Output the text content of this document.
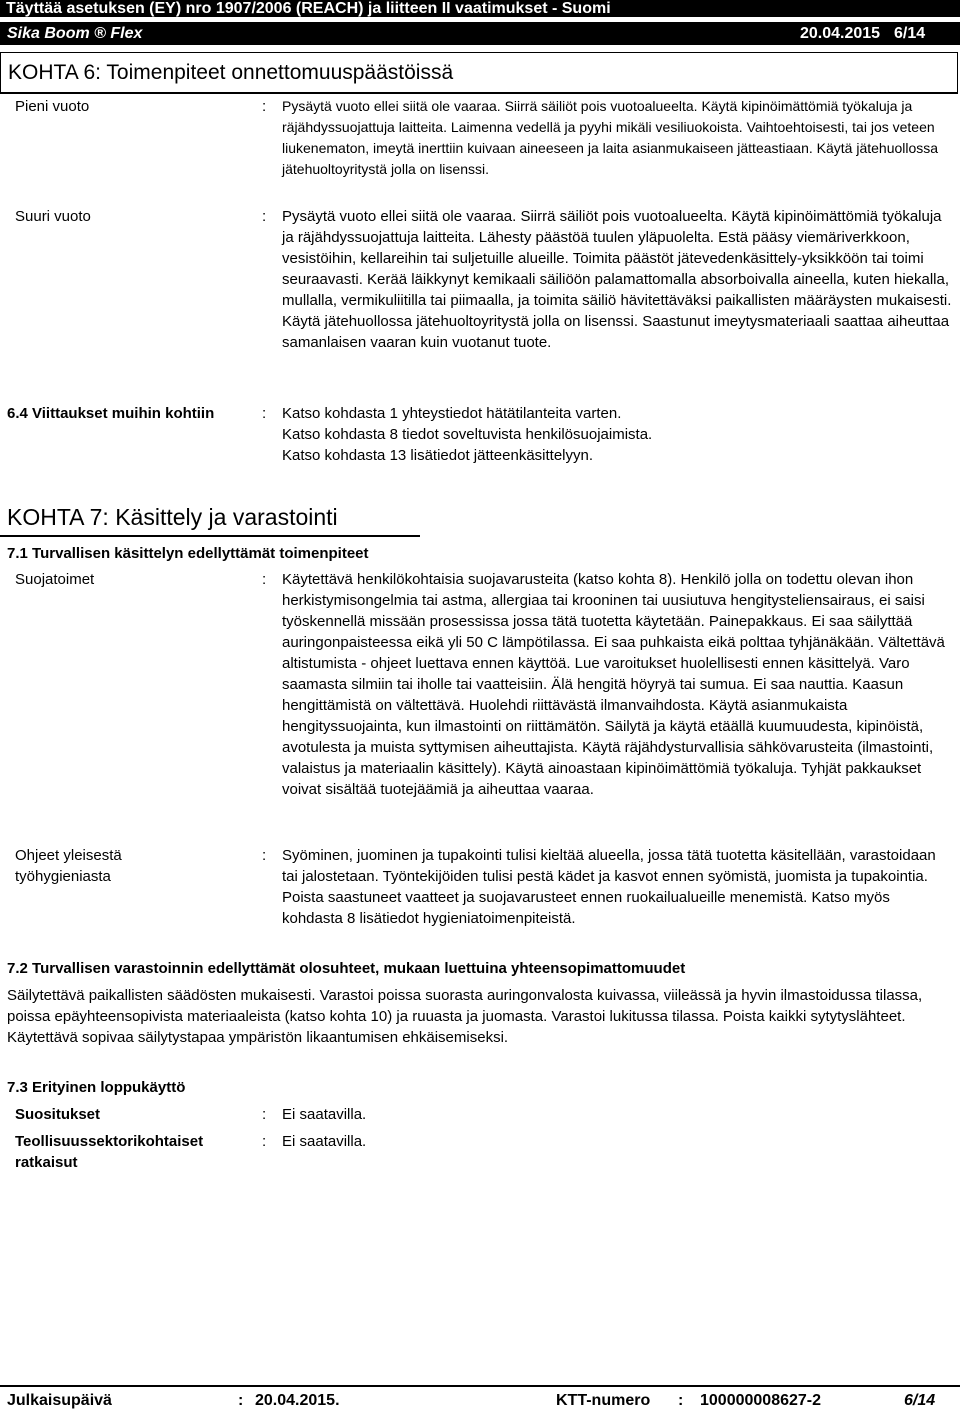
Täyttää asetuksen (EY) nro 1907/2006 (REACH) ja liitteen II vaatimukset - Suomi
Sika Boom ® Flex	20.04.2015 6/14
KOHTA 6: Toimenpiteet onnettomuuspäästöissä
Pieni vuoto	: Pysäytä vuoto ellei siitä ole vaaraa. Siirrä säiliöt pois vuotoalueelta. Käytä kipinöimättömiä työkaluja ja räjähdyssuojattuja laitteita. Laimenna vedellä ja pyyhi mikäli vesiliuokoista. Vaihtoehtoisesti, tai jos veteen liukenematon, imeytä inerttiin kuivaan aineeseen ja laita asianmukaiseen jätteastiaan. Käytä jätehuollossa jätehuoltoyritystä jolla on lisenssi.
Suuri vuoto	: Pysäytä vuoto ellei siitä ole vaaraa. Siirrä säiliöt pois vuotoalueelta. Käytä kipinöimättömiä työkaluja ja räjähdyssuojattuja laitteita. Lähesty päästöä tuulen yläpuolelta. Estä pääsy viemäriverkkoon, vesistöihin, kellareihin tai suljetuille alueille. Toimita päästöt jätevedenkäsittely-yksikköön tai toimi seuraavasti. Kerää läikkynyt kemikaali säiliöön palamattomalla absorboivalla aineella, kuten hiekalla, mullalla, vermikuliitilla tai piimaalla, ja toimita säiliö hävitettäväksi paikallisten määräysten mukaisesti. Käytä jätehuollossa jätehuoltoyritystä jolla on lisenssi. Saastunut imeytysmateriaali saattaa aiheuttaa samanlaisen vaaran kuin vuotanut tuote.
6.4 Viittaukset muihin kohtiin	: Katso kohdasta 1 yhteystiedot hätätilanteita varten.
Katso kohdasta 8 tiedot soveltuvista henkilösuojaimista.
Katso kohdasta 13 lisätiedot jätteenkäsittelyyn.
KOHTA 7: Käsittely ja varastointi
7.1 Turvallisen käsittelyn edellyttämät toimenpiteet
Suojatoimet	: Käytettävä henkilökohtaisia suojavarusteita (katso kohta 8). Henkilö jolla on todettu olevan ihon herkistymisongelmia tai astma, allergiaa tai krooninen tai uusiutuva hengitysteliensairaus, ei saisi työskennellä missään prosessissa jossa tätä tuotetta käytetään. Painepakkaus. Ei saa säilyttää auringonpaisteessa eikä yli 50 C lämpötilassa. Ei saa puhkaista eikä polttaa tyhjänäkään. Vältettävä altistumista - ohjeet luettava ennen käyttöä. Lue varoitukset huolellisesti ennen käsittelyä. Varo saamasta silmiin tai iholle tai vaatteisiin. Älä hengitä höyryä tai sumua. Ei saa nauttia. Kaasun hengittämistä on vältettävä. Huolehdi riittävästä ilmanvaihdosta. Käytä asianmukaista hengityssuojainta, kun ilmastointi on riittämätön. Säilytä ja käytä etäällä kuumuudesta, kipinöistä, avotulesta ja muista syttymisen aiheuttajista. Käytä räjähdysturvallisia sähkövarusteita (ilmastointi, valaistus ja materiaalin käsittely). Käytä ainoastaan kipinöimättömiä työkaluja. Tyhjät pakkaukset voivat sisältää tuotejäämiä ja aiheuttaa vaaraa.
Ohjeet yleisestä työhygieniasta
: Syöminen, juominen ja tupakointi tulisi kieltää alueella, jossa tätä tuotetta käsitellään, varastoidaan tai jalostetaan. Työntekijöiden tulisi pestä kädet ja kasvot ennen syömistä, juomista ja tupakointia. Poista saastuneet vaatteet ja suojavarusteet ennen ruokailualueille menemistä. Katso myös kohdasta 8 lisätiedot hygieniatoimenpiteistä.
7.2 Turvallisen varastoinnin edellyttämät olosuhteet, mukaan luettuina yhteensopimattomuudet
Säilytettävä paikallisten säädösten mukaisesti. Varastoi poissa suorasta auringonvalosta kuivassa, viileässä ja hyvin ilmastoidussa tilassa, poissa epäyhteensopivista materiaaleista (katso kohta 10) ja ruuasta ja juomasta. Varastoi lukitussa tilassa. Poista kaikki sytytyslähteet. Käytettävä sopivaa säilytystapaa ympäristön likaantumisen ehkäisemiseksi.
7.3 Erityinen loppukäyttö
Suositukset	: Ei saatavilla.
Teollisuussektorikohtaiset ratkaisut
: Ei saatavilla.
Julkaisupäivä	: 20.04.2015.	KTT-numero : 100000008627-2	6/14
